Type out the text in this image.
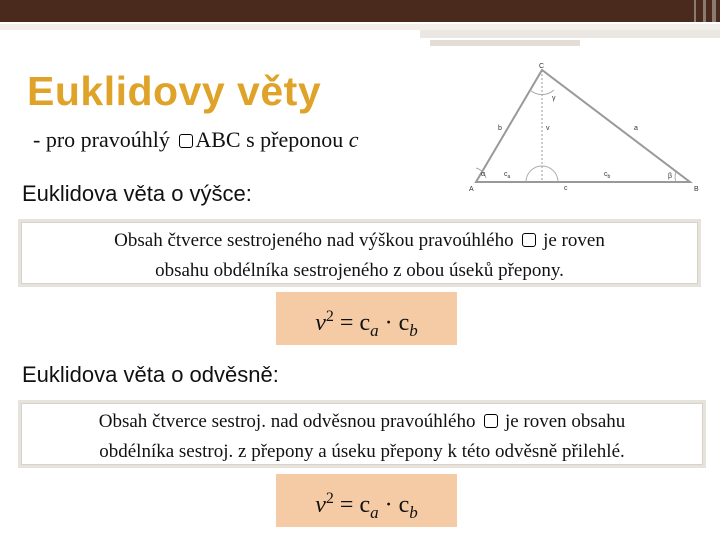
Euklidovy věty
- pro pravoúhlý ABC s přeponou c
A
C
B
a
b
c
v
$c_a$	$c_b$
α	β
γ
Euklidova věta o výšce:
Obsah čtverce sestrojeného nad výškou pravoúhlého je roven
obsahu obdélníka sestrojeného z obou úseků přepony.
$v^2 = c_a \cdot c_b$
Euklidova věta o odvěsně:
Obsah čtverce sestroj. nad odvěsnou pravoúhlého je roven obsahu
obdélníka sestroj. z přepony a úseku přepony k této odvěsně přilehlé.
$v^2 = c_a \cdot c_b$
